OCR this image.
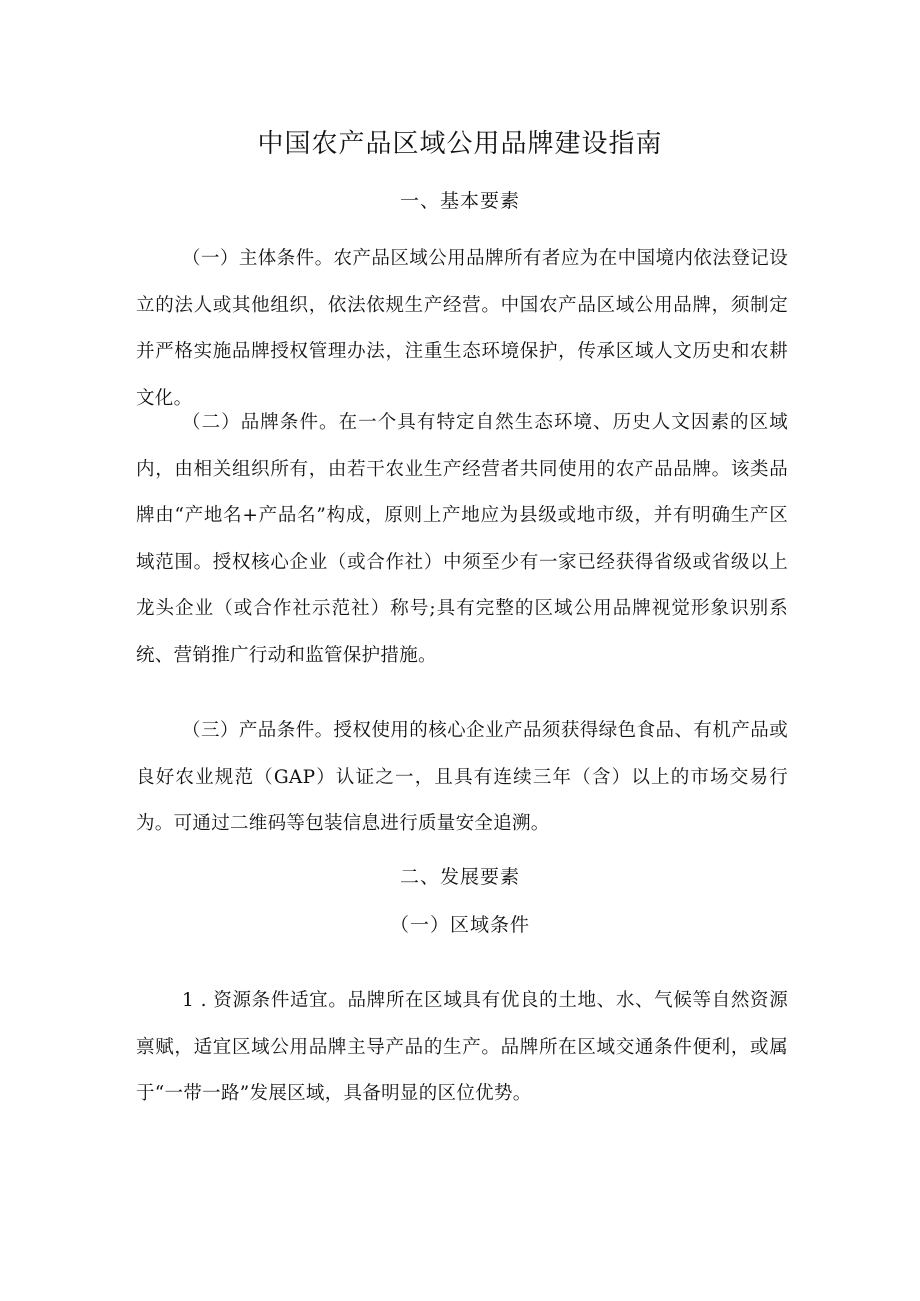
中国农产品区域公用品牌建设指南
一、基本要素

（一）主体条件。农产品区域公用品牌所有者应为在中国境内依法登记设立的法人或其他组织，依法依规生产经营。中国农产品区域公用品牌，须制定并严格实施品牌授权管理办法，注重生态环境保护，传承区域人文历史和农耕文化。

（二）品牌条件。在一个具有特定自然生态环境、历史人文因素的区域内，由相关组织所有，由若干农业生产经营者共同使用的农产品品牌。该类品牌由“产地名+产品名”构成，原则上产地应为县级或地市级，并有明确生产区域范围。授权核心企业（或合作社）中须至少有一家已经获得省级或省级以上龙头企业（或合作社示范社）称号;具有完整的区域公用品牌视觉形象识别系统、营销推广行动和监管保护措施。

（三）产品条件。授权使用的核心企业产品须获得绿色食品、有机产品或良好农业规范（GAP）认证之一，且具有连续三年（含）以上的市场交易行为。可通过二维码等包装信息进行质量安全追溯。

二、发展要素
（一）区域条件

1 . 资源条件适宜。品牌所在区域具有优良的土地、水、气候等自然资源禀赋，适宜区域公用品牌主导产品的生产。品牌所在区域交通条件便利，或属于“一带一路”发展区域，具备明显的区位优势。
